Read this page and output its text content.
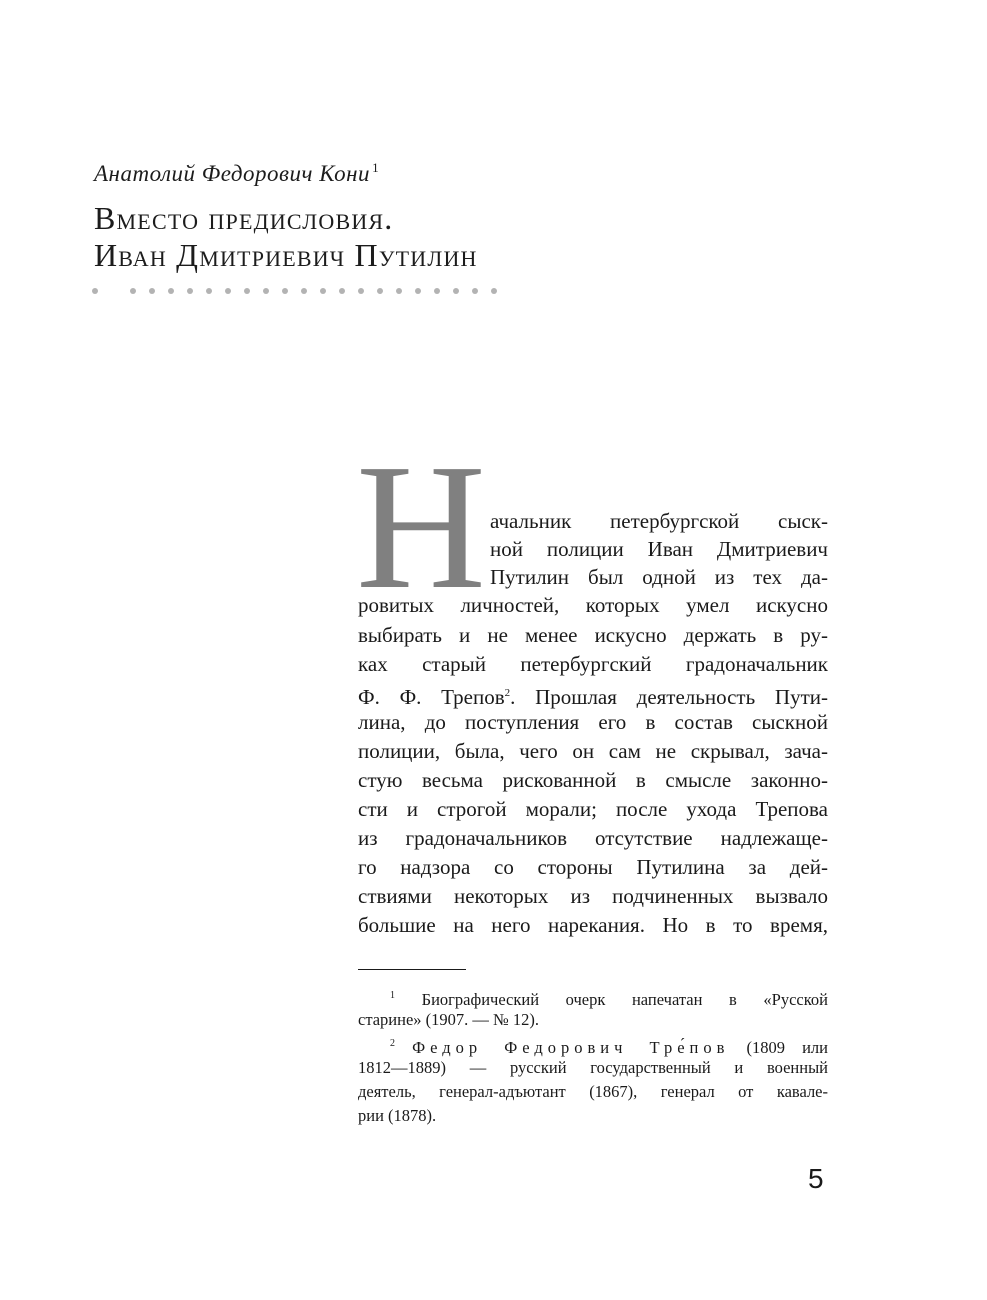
Анатолий Федорович Кони $^1$
Вместо предисловия.
Иван Дмитриевич Путилин
Н ачальник петербургской сыск-
ной полиции Иван Дмитриевич
Путилин был одной из тех да-
ровитых личностей, которых умел искусно
выбирать и не менее искусно держать в ру-
ках старый петербургский градоначальник
Ф. Ф. Трепов$^2$. Прошлая деятельность Пути-
лина, до поступления его в состав сыскной
полиции, была, чего он сам не скрывал, зача-
стую весьма рискованной в смысле законно-
сти и строгой морали; после ухода Трепова
из градоначальников отсутствие надлежаще-
го надзора со стороны Путилина за дей-
ствиями некоторых из подчиненных вызвало
большие на него нарекания. Но в то время,
$^1$ Биографический очерк напечатан в «Русской
старине» (1907. — № 12).
$^2$ Федор Федорович Тре́пов (1809 или
1812—1889) — русский государственный и военный
деятель, генерал-адъютант (1867), генерал от кавале-
рии (1878).
5
